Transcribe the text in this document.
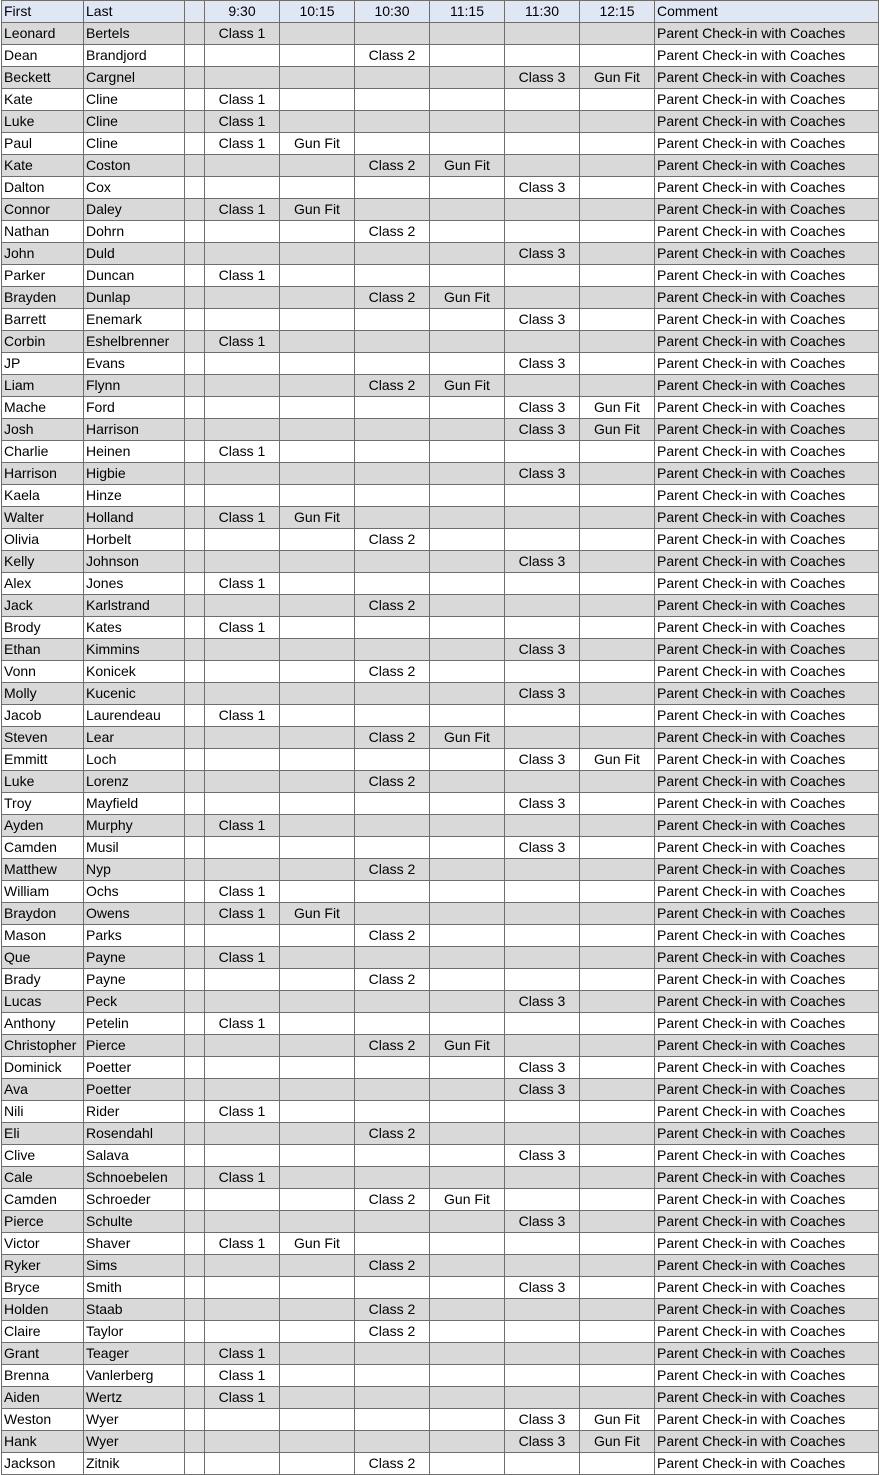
First	Last		9:30	10:15	10:30	11:15	11:30	12:15	Comment
Leonard	Bertels		Class 1						Parent Check-in with Coaches
Dean	Brandjord				Class 2				Parent Check-in with Coaches
Beckett	Cargnel						Class 3	Gun Fit	Parent Check-in with Coaches
Kate	Cline		Class 1						Parent Check-in with Coaches
Luke	Cline		Class 1						Parent Check-in with Coaches
Paul	Cline		Class 1	Gun Fit					Parent Check-in with Coaches
Kate	Coston				Class 2	Gun Fit			Parent Check-in with Coaches
Dalton	Cox						Class 3		Parent Check-in with Coaches
Connor	Daley		Class 1	Gun Fit					Parent Check-in with Coaches
Nathan	Dohrn				Class 2				Parent Check-in with Coaches
John	Duld						Class 3		Parent Check-in with Coaches
Parker	Duncan		Class 1						Parent Check-in with Coaches
Brayden	Dunlap				Class 2	Gun Fit			Parent Check-in with Coaches
Barrett	Enemark						Class 3		Parent Check-in with Coaches
Corbin	Eshelbrenner		Class 1						Parent Check-in with Coaches
JP	Evans						Class 3		Parent Check-in with Coaches
Liam	Flynn				Class 2	Gun Fit			Parent Check-in with Coaches
Mache	Ford						Class 3	Gun Fit	Parent Check-in with Coaches
Josh	Harrison						Class 3	Gun Fit	Parent Check-in with Coaches
Charlie	Heinen		Class 1						Parent Check-in with Coaches
Harrison	Higbie						Class 3		Parent Check-in with Coaches
Kaela	Hinze								Parent Check-in with Coaches
Walter	Holland		Class 1	Gun Fit					Parent Check-in with Coaches
Olivia	Horbelt				Class 2				Parent Check-in with Coaches
Kelly	Johnson						Class 3		Parent Check-in with Coaches
Alex	Jones		Class 1						Parent Check-in with Coaches
Jack	Karlstrand				Class 2				Parent Check-in with Coaches
Brody	Kates		Class 1						Parent Check-in with Coaches
Ethan	Kimmins						Class 3		Parent Check-in with Coaches
Vonn	Konicek				Class 2				Parent Check-in with Coaches
Molly	Kucenic						Class 3		Parent Check-in with Coaches
Jacob	Laurendeau		Class 1						Parent Check-in with Coaches
Steven	Lear				Class 2	Gun Fit			Parent Check-in with Coaches
Emmitt	Loch						Class 3	Gun Fit	Parent Check-in with Coaches
Luke	Lorenz				Class 2				Parent Check-in with Coaches
Troy	Mayfield						Class 3		Parent Check-in with Coaches
Ayden	Murphy		Class 1						Parent Check-in with Coaches
Camden	Musil						Class 3		Parent Check-in with Coaches
Matthew	Nyp				Class 2				Parent Check-in with Coaches
William	Ochs		Class 1						Parent Check-in with Coaches
Braydon	Owens		Class 1	Gun Fit					Parent Check-in with Coaches
Mason	Parks				Class 2				Parent Check-in with Coaches
Que	Payne		Class 1						Parent Check-in with Coaches
Brady	Payne				Class 2				Parent Check-in with Coaches
Lucas	Peck						Class 3		Parent Check-in with Coaches
Anthony	Petelin		Class 1						Parent Check-in with Coaches
Christopher	Pierce				Class 2	Gun Fit			Parent Check-in with Coaches
Dominick	Poetter						Class 3		Parent Check-in with Coaches
Ava	Poetter						Class 3		Parent Check-in with Coaches
Nili	Rider		Class 1						Parent Check-in with Coaches
Eli	Rosendahl				Class 2				Parent Check-in with Coaches
Clive	Salava						Class 3		Parent Check-in with Coaches
Cale	Schnoebelen		Class 1						Parent Check-in with Coaches
Camden	Schroeder				Class 2	Gun Fit			Parent Check-in with Coaches
Pierce	Schulte						Class 3		Parent Check-in with Coaches
Victor	Shaver		Class 1	Gun Fit					Parent Check-in with Coaches
Ryker	Sims				Class 2				Parent Check-in with Coaches
Bryce	Smith						Class 3		Parent Check-in with Coaches
Holden	Staab				Class 2				Parent Check-in with Coaches
Claire	Taylor				Class 2				Parent Check-in with Coaches
Grant	Teager		Class 1						Parent Check-in with Coaches
Brenna	Vanlerberg		Class 1						Parent Check-in with Coaches
Aiden	Wertz		Class 1						Parent Check-in with Coaches
Weston	Wyer						Class 3	Gun Fit	Parent Check-in with Coaches
Hank	Wyer						Class 3	Gun Fit	Parent Check-in with Coaches
Jackson	Zitnik				Class 2				Parent Check-in with Coaches
